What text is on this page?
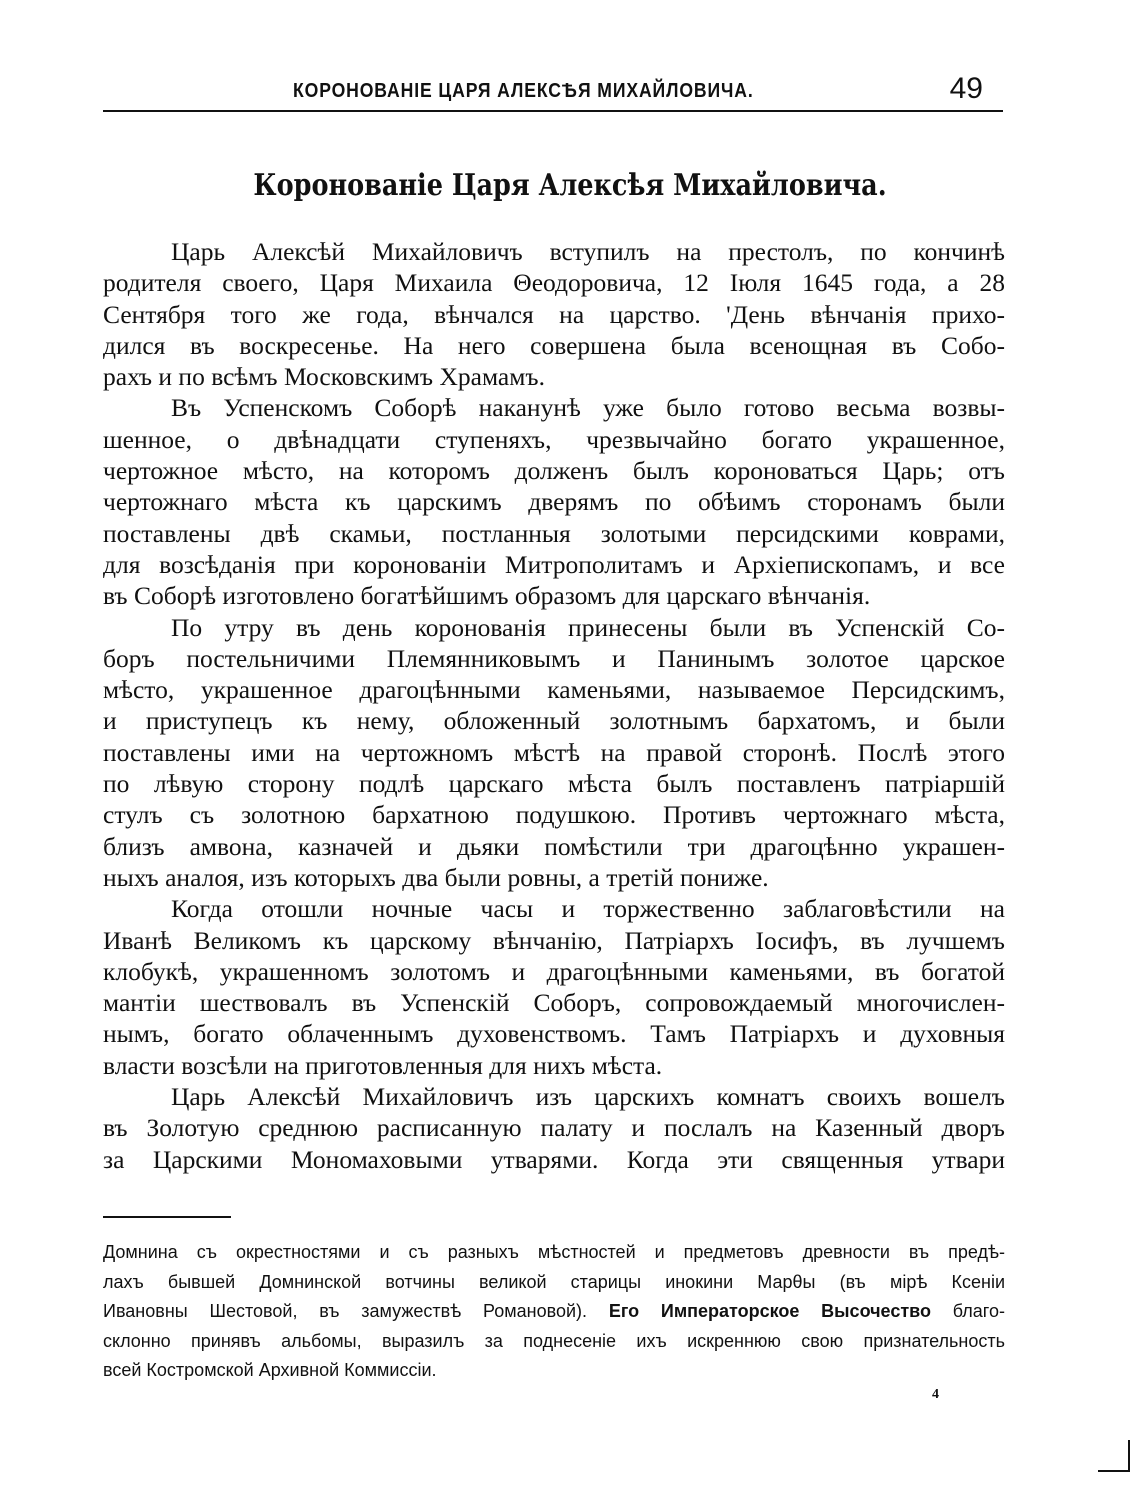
КОРОНОВАНІЕ ЦАРЯ АЛЕКСѢЯ МИХАЙЛОВИЧА.	49
Коронованіе Царя Алексѣя Михайловича.
Царь Алексѣй Михайловичъ вступилъ на престолъ, по кончинѣ
родителя своего, Царя Михаила Θеодоровича, 12 Іюля 1645 года, а 28
Сентября того же года, вѣнчался на царство. 'День вѣнчанія прихо-
дился въ воскресенье. На него совершена была всенощная въ Собо-
рахъ и по всѣмъ Московскимъ Храмамъ.
Въ Успенскомъ Соборѣ наканунѣ уже было готово весьма возвы-
шенное, о двѣнадцати ступеняхъ, чрезвычайно богато украшенное,
чертожное мѣсто, на которомъ долженъ былъ короноваться Царь; отъ
чертожнаго мѣста къ царскимъ дверямъ по обѣимъ сторонамъ были
поставлены двѣ скамьи, постланныя золотыми персидскими коврами,
для возсѣданія при коронованіи Митрополитамъ и Архіепископамъ, и все
въ Соборѣ изготовлено богатѣйшимъ образомъ для царскаго вѣнчанія.
По утру въ день коронованія принесены были въ Успенскій Со-
боръ постельничими Племянниковымъ и Панинымъ золотое царское
мѣсто, украшенное драгоцѣнными каменьями, называемое Персидскимъ,
и приступецъ къ нему, обложенный золотнымъ бархатомъ, и были
поставлены ими на чертожномъ мѣстѣ на правой сторонѣ. Послѣ этого
по лѣвую сторону подлѣ царскаго мѣста былъ поставленъ патріаршій
стулъ съ золотною бархатною подушкою. Противъ чертожнаго мѣста,
близъ амвона, казначей и дьяки помѣстили три драгоцѣнно украшен-
ныхъ аналоя, изъ которыхъ два были ровны, а третій пониже.
Когда отошли ночные часы и торжественно заблаговѣстили на
Иванѣ Великомъ къ царскому вѣнчанію, Патріархъ Іосифъ, въ лучшемъ
клобукѣ, украшенномъ золотомъ и драгоцѣнными каменьями, въ богатой
мантіи шествовалъ въ Успенскій Соборъ, сопровождаемый многочислен-
нымъ, богато облаченнымъ духовенствомъ. Тамъ Патріархъ и духовныя
власти возсѣли на приготовленныя для нихъ мѣста.
Царь Алексѣй Михайловичъ изъ царскихъ комнатъ своихъ вошелъ
въ Золотую среднюю расписанную палату и послалъ на Казенный дворъ
за Царскими Мономаховыми утварями. Когда эти священныя утвари
Домнина съ окрестностями и съ разныхъ мѣстностей и предметовъ древности въ предѣ-
лахъ бывшей Домнинской вотчины великой старицы инокини Марθы (въ мірѣ Ксеніи
Ивановны Шестовой, въ замужествѣ Романовой). Его Императорское Высочество благо-
склонно принявъ альбомы, выразилъ за поднесеніе ихъ искреннюю свою признательность
всей Костромской Архивной Коммиссіи.
4
